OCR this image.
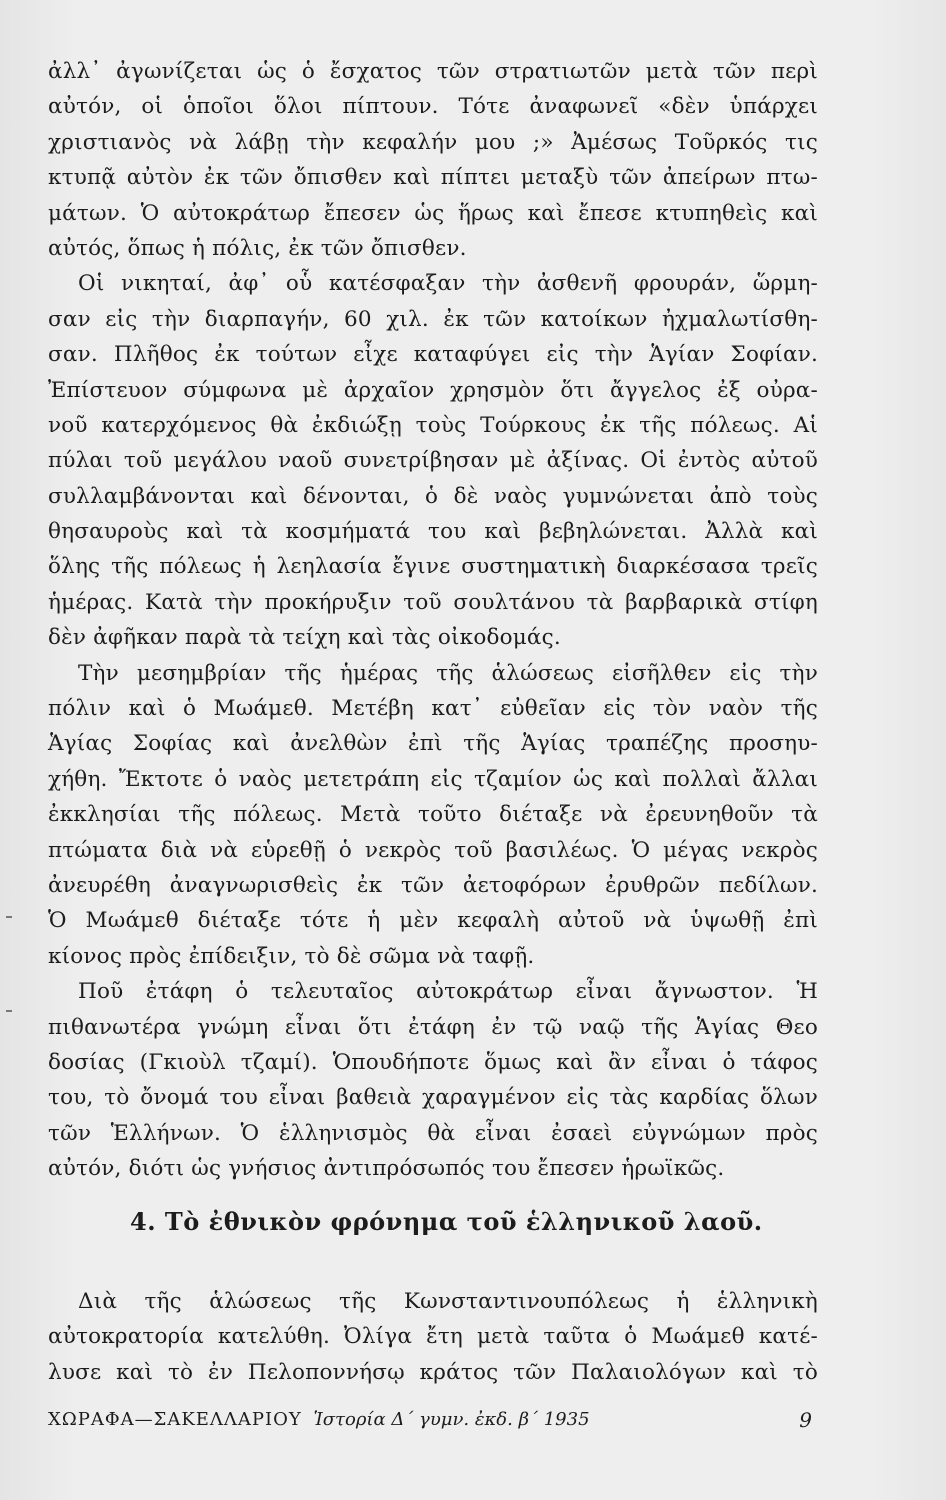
ἀλλ᾽ ἀγωνίζεται ὡς ὁ ἔσχατος τῶν στρατιωτῶν μετὰ τῶν περὶ
αὐτόν, οἱ ὁποῖοι ὅλοι πίπτουν. Τότε ἀναφωνεῖ «δὲν ὑπάρχει
χριστιανὸς νὰ λάβῃ τὴν κεφαλήν μου ;» Ἀμέσως Τοῦρκός τις
κτυπᾷ αὐτὸν ἐκ τῶν ὄπισθεν καὶ πίπτει μεταξὺ τῶν ἀπείρων πτω-
μάτων. Ὁ αὐτοκράτωρ ἔπεσεν ὡς ἥρως καὶ ἔπεσε κτυπηθεὶς καὶ
αὐτός, ὅπως ἡ πόλις, ἐκ τῶν ὄπισθεν.
Οἱ νικηταί, ἀφ᾽ οὗ κατέσφαξαν τὴν ἀσθενῆ φρουράν, ὥρμη-
σαν εἰς τὴν διαρπαγήν, 60 χιλ. ἐκ τῶν κατοίκων ἠχμαλωτίσθη-
σαν. Πλῆθος ἐκ τούτων εἶχε καταφύγει εἰς τὴν Ἁγίαν Σοφίαν.
Ἐπίστευον σύμφωνα μὲ ἀρχαῖον χρησμὸν ὅτι ἄγγελος ἐξ οὐρα-
νοῦ κατερχόμενος θὰ ἐκδιώξῃ τοὺς Τούρκους ἐκ τῆς πόλεως. Αἱ
πύλαι τοῦ μεγάλου ναοῦ συνετρίβησαν μὲ ἀξίνας. Οἱ ἐντὸς αὐτοῦ
συλλαμβάνονται καὶ δένονται, ὁ δὲ ναὸς γυμνώνεται ἀπὸ τοὺς
θησαυροὺς καὶ τὰ κοσμήματά του καὶ βεβηλώνεται. Ἀλλὰ καὶ
ὅλης τῆς πόλεως ἡ λεηλασία ἔγινε συστηματικὴ διαρκέσασα τρεῖς
ἡμέρας. Κατὰ τὴν προκήρυξιν τοῦ σουλτάνου τὰ βαρβαρικὰ στίφη
δὲν ἀφῆκαν παρὰ τὰ τείχη καὶ τὰς οἰκοδομάς.
Τὴν μεσημβρίαν τῆς ἡμέρας τῆς ἁλώσεως εἰσῆλθεν εἰς τὴν
πόλιν καὶ ὁ Μωάμεθ. Μετέβη κατ᾽ εὐθεῖαν εἰς τὸν ναὸν τῆς
Ἁγίας Σοφίας καὶ ἀνελθὼν ἐπὶ τῆς Ἁγίας τραπέζης προσηυ-
χήθη. Ἔκτοτε ὁ ναὸς μετετράπη εἰς τζαμίον ὡς καὶ πολλαὶ ἄλλαι
ἐκκλησίαι τῆς πόλεως. Μετὰ τοῦτο διέταξε νὰ ἐρευνηθοῦν τὰ
πτώματα διὰ νὰ εὑρεθῇ ὁ νεκρὸς τοῦ βασιλέως. Ὁ μέγας νεκρὸς
ἀνευρέθη ἀναγνωρισθεὶς ἐκ τῶν ἀετοφόρων ἐρυθρῶν πεδίλων.
Ὁ Μωάμεθ διέταξε τότε ἡ μὲν κεφαλὴ αὐτοῦ νὰ ὑψωθῇ ἐπὶ
κίονος πρὸς ἐπίδειξιν, τὸ δὲ σῶμα νὰ ταφῇ.
Ποῦ ἐτάφη ὁ τελευταῖος αὐτοκράτωρ εἶναι ἄγνωστον. Ἡ
πιθανωτέρα γνώμη εἶναι ὅτι ἐτάφη ἐν τῷ ναῷ τῆς Ἁγίας Θεο
δοσίας (Γκιοὺλ τζαμί). Ὁπουδήποτε ὅμως καὶ ἂν εἶναι ὁ τάφος
του, τὸ ὄνομά του εἶναι βαθειὰ χαραγμένον εἰς τὰς καρδίας ὅλων
τῶν Ἑλλήνων. Ὁ ἑλληνισμὸς θὰ εἶναι ἐσαεὶ εὐγνώμων πρὸς
αὐτόν, διότι ὡς γνήσιος ἀντιπρόσωπός του ἔπεσεν ἡρωϊκῶς.
4. Τὸ ἐθνικὸν φρόνημα τοῦ ἑλληνικοῦ λαοῦ.
Διὰ τῆς ἁλώσεως τῆς Κωνσταντινουπόλεως ἡ ἑλληνικὴ
αὐτοκρατορία κατελύθη. Ὀλίγα ἔτη μετὰ ταῦτα ὁ Μωάμεθ κατέ-
λυσε καὶ τὸ ἐν Πελοποννήσῳ κράτος τῶν Παλαιολόγων καὶ τὸ
ΧΩΡΑΦΑ—ΣΑΚΕΛΛΑΡΙΟΥ Ἱστορία Δ΄ γυμν. ἐκδ. β΄ 1935	9
